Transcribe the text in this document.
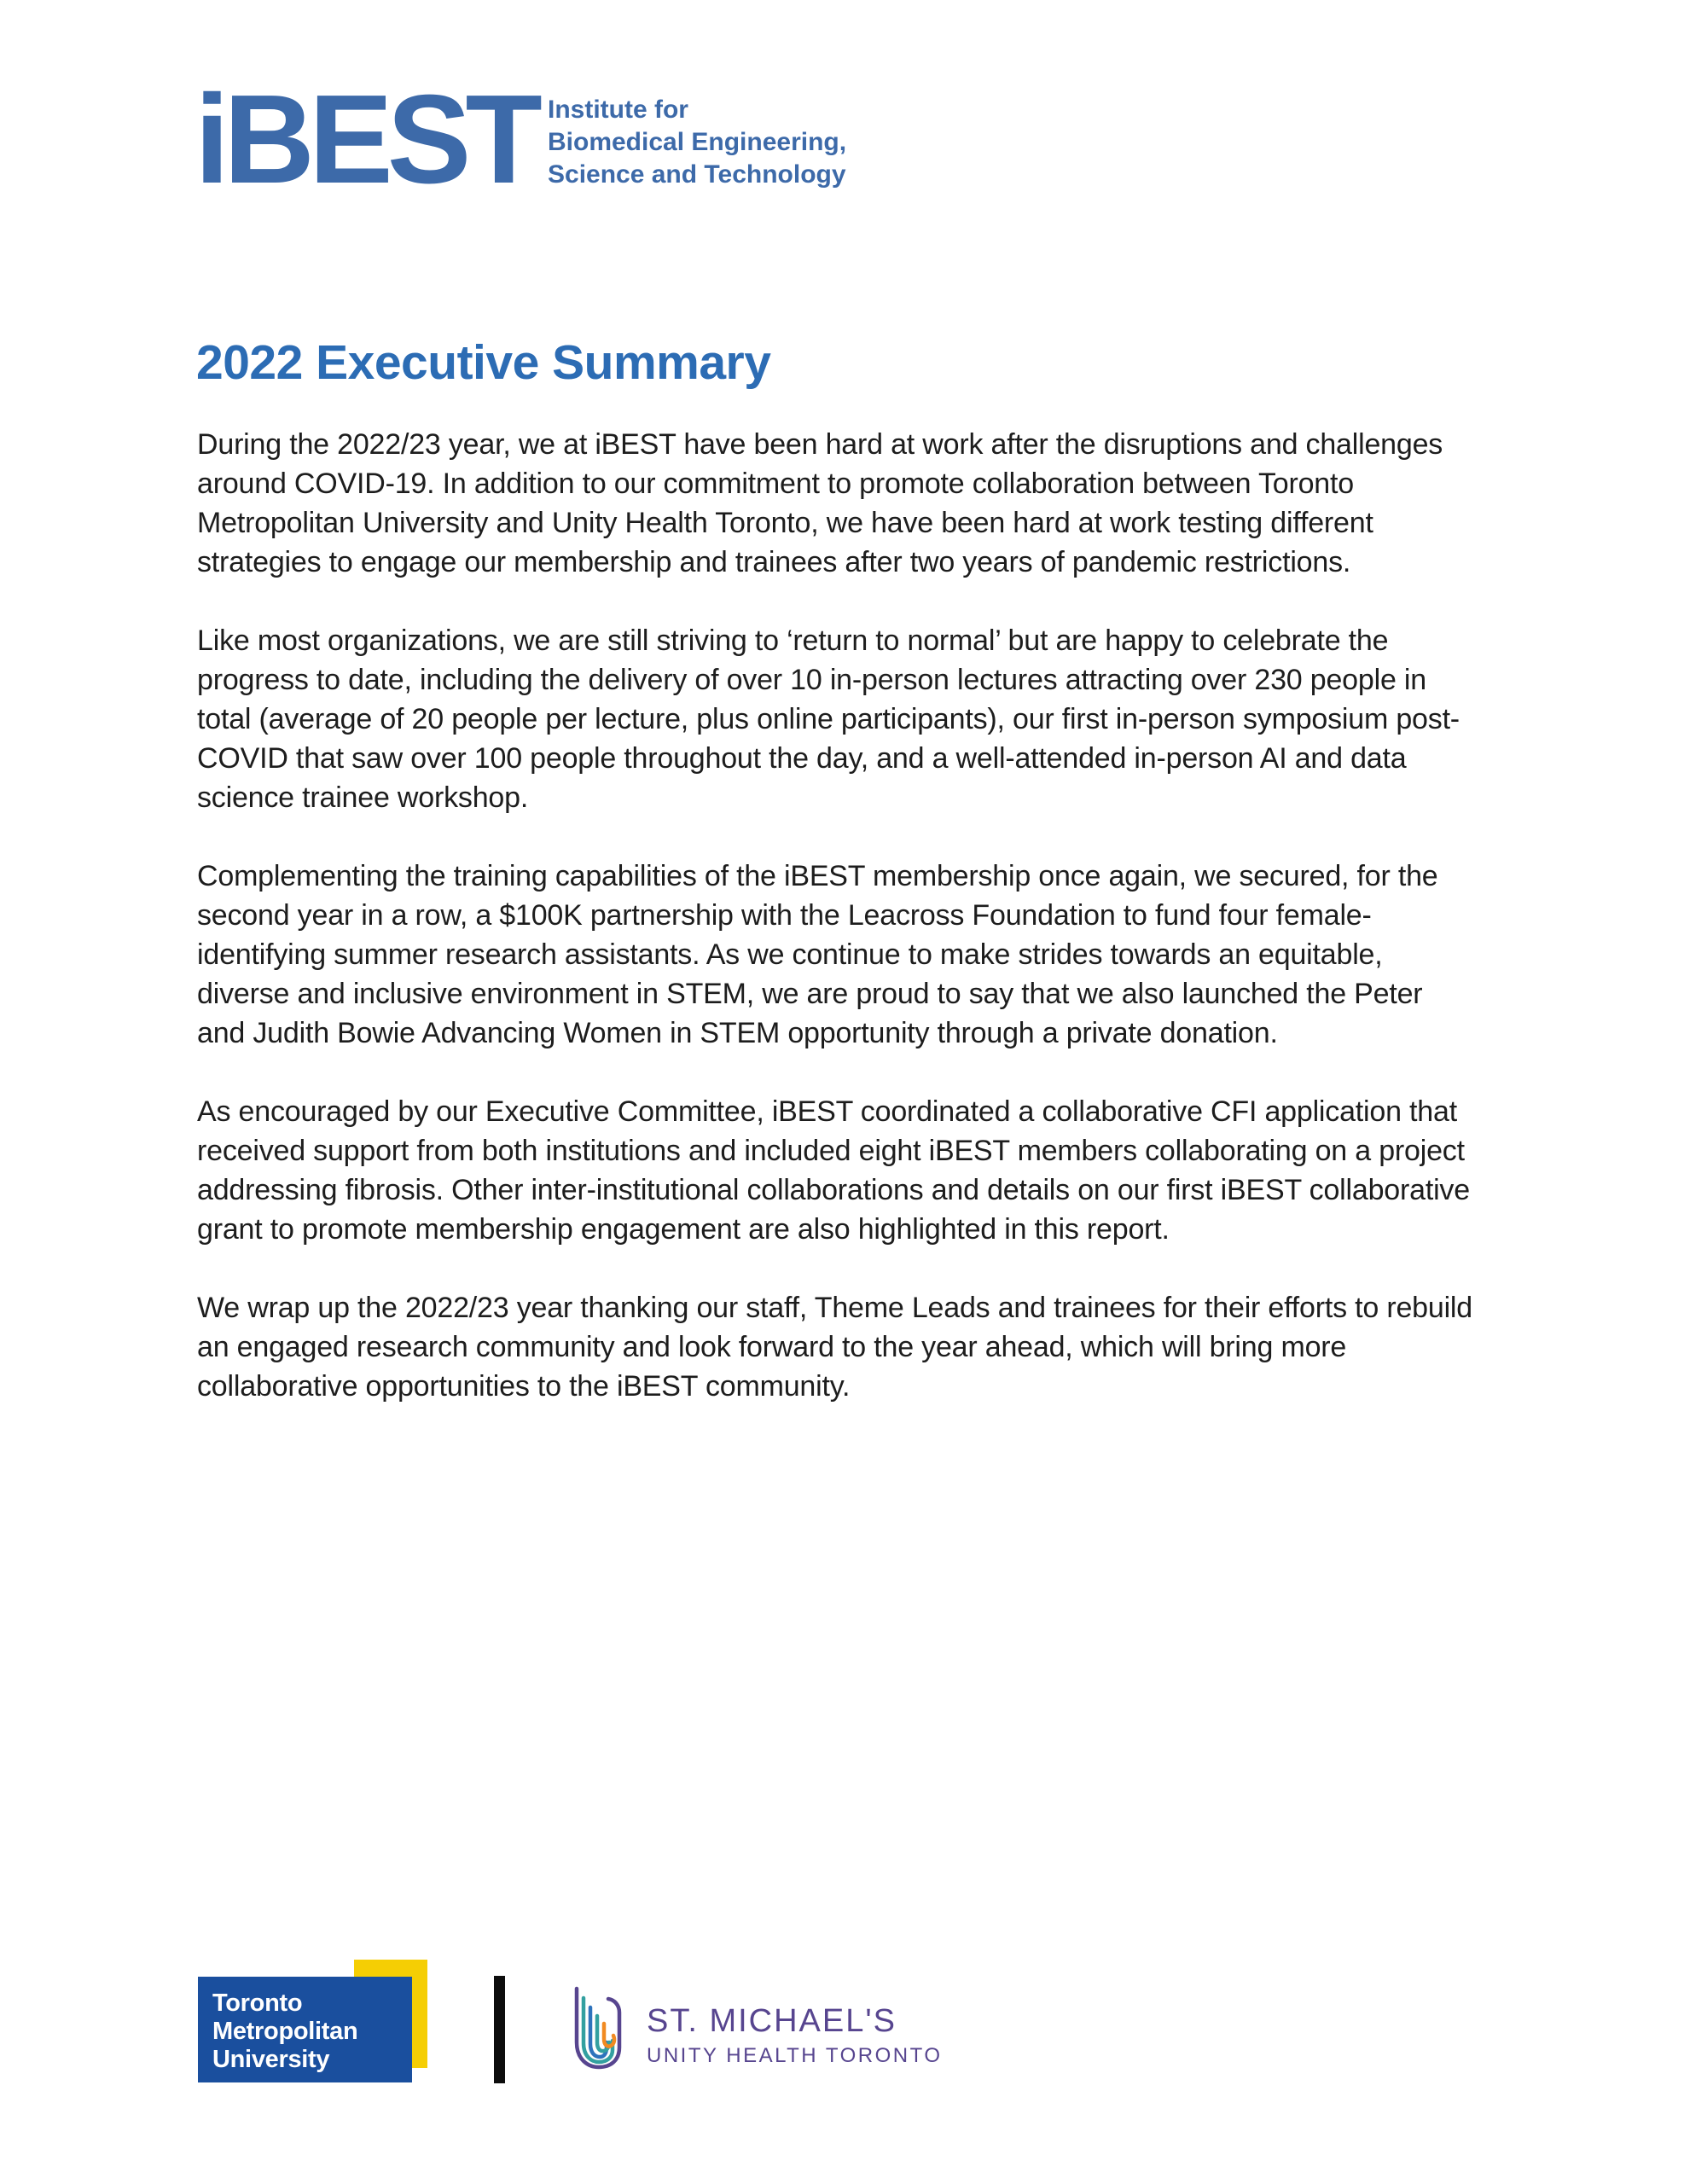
iBEST Institute for
Biomedical Engineering,
Science and Technology
2022 Executive Summary

During the 2022/23 year, we at iBEST have been hard at work after the disruptions and challenges around COVID-19. In addition to our commitment to promote collaboration between Toronto Metropolitan University and Unity Health Toronto, we have been hard at work testing different strategies to engage our membership and trainees after two years of pandemic restrictions.

Like most organizations, we are still striving to ‘return to normal’ but are happy to celebrate the progress to date, including the delivery of over 10 in-person lectures attracting over 230 people in total (average of 20 people per lecture, plus online participants), our first in-person symposium post-COVID that saw over 100 people throughout the day, and a well-attended in-person AI and data science trainee workshop.

Complementing the training capabilities of the iBEST membership once again, we secured, for the second year in a row, a $100K partnership with the Leacross Foundation to fund four female-identifying summer research assistants. As we continue to make strides towards an equitable, diverse and inclusive environment in STEM, we are proud to say that we also launched the Peter and Judith Bowie Advancing Women in STEM opportunity through a private donation.

As encouraged by our Executive Committee, iBEST coordinated a collaborative CFI application that received support from both institutions and included eight iBEST members collaborating on a project addressing fibrosis. Other inter-institutional collaborations and details on our first iBEST collaborative grant to promote membership engagement are also highlighted in this report.

We wrap up the 2022/23 year thanking our staff, Theme Leads and trainees for their efforts to rebuild an engaged research community and look forward to the year ahead, which will bring more collaborative opportunities to the iBEST community.

Toronto
Metropolitan
University
ST. MICHAEL'S
UNITY HEALTH TORONTO
